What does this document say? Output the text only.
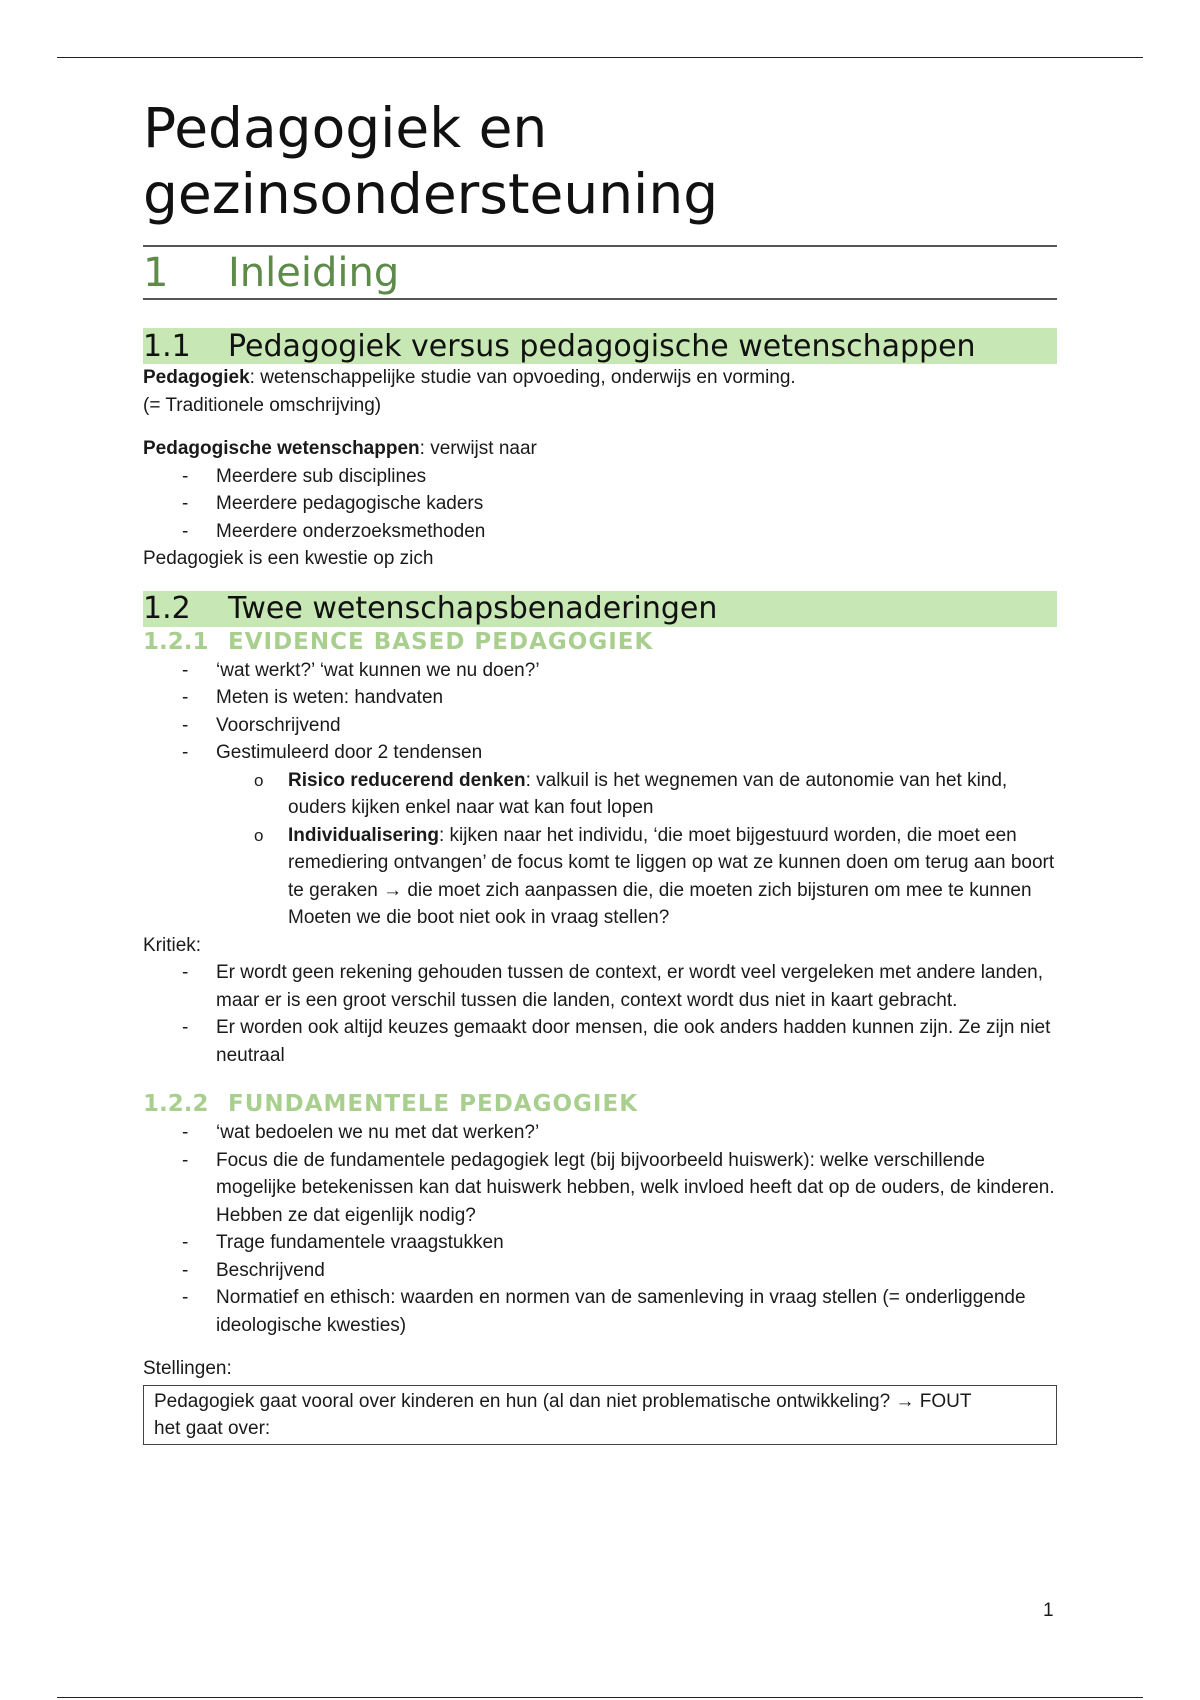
Pedagogiek en
gezinsondersteuning
1	Inleiding
1.1	Pedagogiek versus pedagogische wetenschappen
Pedagogiek: wetenschappelijke studie van opvoeding, onderwijs en vorming.
(= Traditionele omschrijving)
Pedagogische wetenschappen: verwijst naar
- Meerdere sub disciplines
- Meerdere pedagogische kaders
- Meerdere onderzoeksmethoden
Pedagogiek is een kwestie op zich
1.2	Twee wetenschapsbenaderingen
1.2.1 EVIDENCE BASED PEDAGOGIEK
- ‘wat werkt?’ ‘wat kunnen we nu doen?’
- Meten is weten: handvaten
- Voorschrijvend
- Gestimuleerd door 2 tendensen
o Risico reducerend denken: valkuil is het wegnemen van de autonomie van het kind, ouders kijken enkel naar wat kan fout lopen
o Individualisering: kijken naar het individu, ‘die moet bijgestuurd worden, die moet een remediering ontvangen’ de focus komt te liggen op wat ze kunnen doen om terug aan boort te geraken → die moet zich aanpassen die, die moeten zich bijsturen om mee te kunnen
Moeten we die boot niet ook in vraag stellen?
Kritiek:
- Er wordt geen rekening gehouden tussen de context, er wordt veel vergeleken met andere landen, maar er is een groot verschil tussen die landen, context wordt dus niet in kaart gebracht.
- Er worden ook altijd keuzes gemaakt door mensen, die ook anders hadden kunnen zijn. Ze zijn niet neutraal
1.2.2 FUNDAMENTELE PEDAGOGIEK
- ‘wat bedoelen we nu met dat werken?’
- Focus die de fundamentele pedagogiek legt (bij bijvoorbeeld huiswerk): welke verschillende mogelijke betekenissen kan dat huiswerk hebben, welk invloed heeft dat op de ouders, de kinderen. Hebben ze dat eigenlijk nodig?
- Trage fundamentele vraagstukken
- Beschrijvend
- Normatief en ethisch: waarden en normen van de samenleving in vraag stellen (= onderliggende ideologische kwesties)
Stellingen:
Pedagogiek gaat vooral over kinderen en hun (al dan niet problematische ontwikkeling? → FOUT
het gaat over:
1
